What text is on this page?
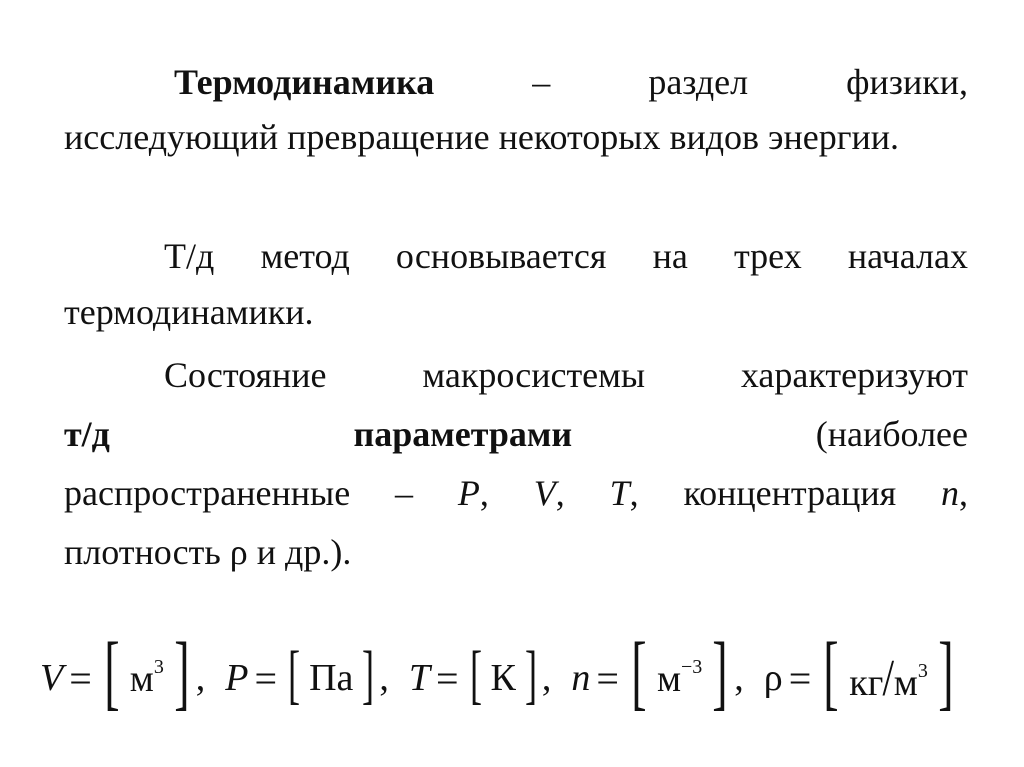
Термодинамика – раздел физики,
исследующий превращение некоторых видов энергии.
Т/д метод основывается на трех началах термодинамики.
Состояние макросистемы характеризуют
т/д	параметрами	(наиболее
распространенные – P, V, T, концентрация n,
плотность ρ и др.).
V = [ $м^3$ ] , P = [ Па ] , T = [ К ] , n = [ $м^{-3}$ ] , ρ = [ $кг/м^3$ ]
